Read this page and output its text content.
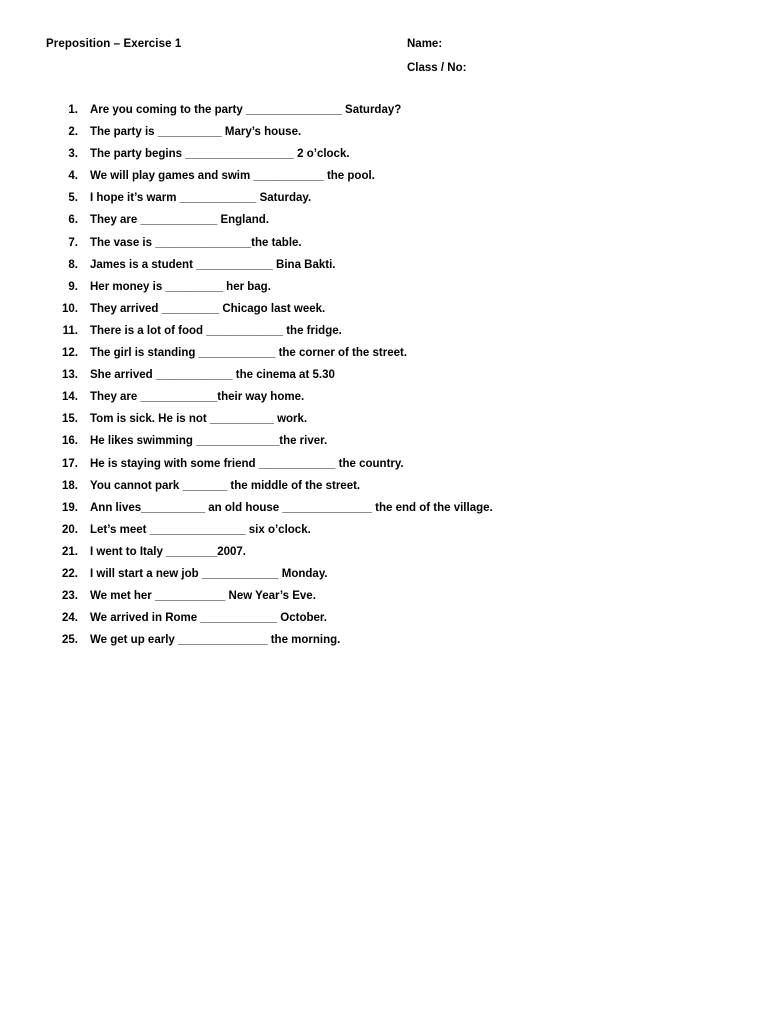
Preposition – Exercise 1	Name:
Class / No:
1. Are you coming to the party _______________ Saturday?
2. The party is __________ Mary’s house.
3. The party begins _________________ 2 o’clock.
4. We will play games and swim ___________ the pool.
5. I hope it’s warm ____________ Saturday.
6. They are ____________ England.
7. The vase is _______________the table.
8. James is a student ____________ Bina Bakti.
9. Her money is _________ her bag.
10. They arrived _________ Chicago last week.
11. There is a lot of food ____________ the fridge.
12. The girl is standing ____________ the corner of the street.
13. She arrived ____________ the cinema at 5.30
14. They are ____________their way home.
15. Tom is sick. He is not __________ work.
16. He likes swimming _____________the river.
17. He is staying with some friend ____________ the country.
18. You cannot park _______ the middle of the street.
19. Ann lives__________ an old house ______________ the end of the village.
20. Let’s meet _______________ six o’clock.
21. I went to Italy ________2007.
22. I will start a new job ____________ Monday.
23. We met her ___________ New Year’s Eve.
24. We arrived in Rome ____________ October.
25. We get up early ______________ the morning.
